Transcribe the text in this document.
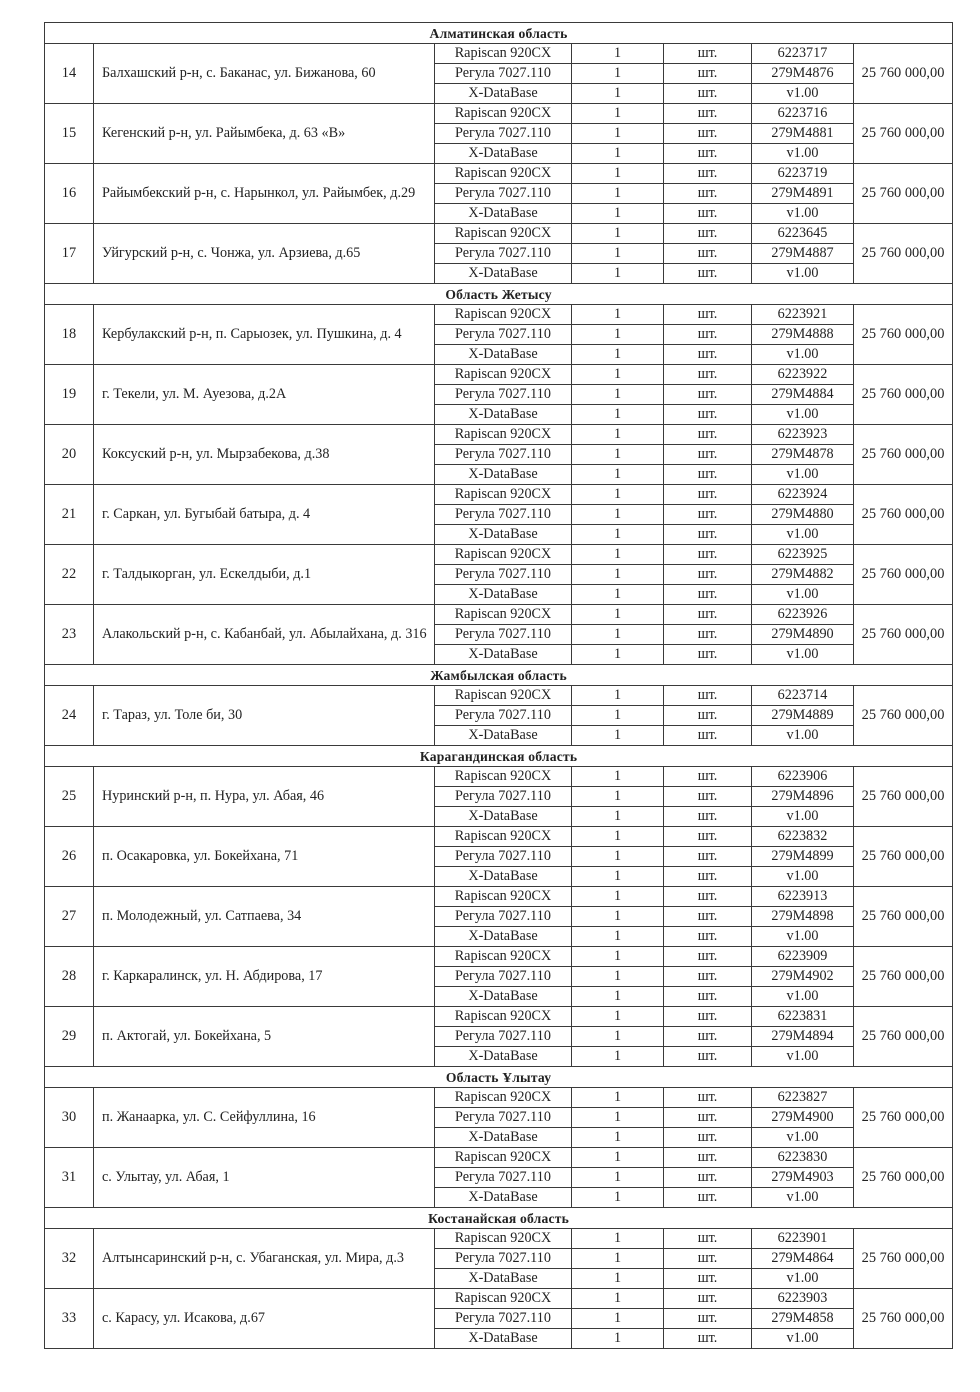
Алматинская область						
14	Балхашский р-н, с. Баканас, ул. Бижанова, 60	Rapiscan 920CX	1	шт.	6223717	25 760 000,00
		Регула 7027.110	1	шт.	279M4876	
		X-DataBase	1	шт.	v1.00	
15	Кегенский р-н, ул. Райымбека, д. 63 «В»	Rapiscan 920CX	1	шт.	6223716	25 760 000,00
		Регула 7027.110	1	шт.	279M4881	
		X-DataBase	1	шт.	v1.00	
16	Райымбекский р-н, с. Нарынкол, ул. Райымбек, д.29	Rapiscan 920CX	1	шт.	6223719	25 760 000,00
		Регула 7027.110	1	шт.	279M4891	
		X-DataBase	1	шт.	v1.00	
17	Уйгурский р-н, с. Чонжа, ул. Арзиева, д.65	Rapiscan 920CX	1	шт.	6223645	25 760 000,00
		Регула 7027.110	1	шт.	279M4887	
		X-DataBase	1	шт.	v1.00	
Область Жетысу						
18	Кербулакский р-н, п. Сарыозек, ул. Пушкина, д. 4	Rapiscan 920CX	1	шт.	6223921	25 760 000,00
		Регула 7027.110	1	шт.	279M4888	
		X-DataBase	1	шт.	v1.00	
19	г. Текели, ул. М. Ауезова, д.2А	Rapiscan 920CX	1	шт.	6223922	25 760 000,00
		Регула 7027.110	1	шт.	279M4884	
		X-DataBase	1	шт.	v1.00	
20	Коксуский р-н, ул. Мырзабекова, д.38	Rapiscan 920CX	1	шт.	6223923	25 760 000,00
		Регула 7027.110	1	шт.	279M4878	
		X-DataBase	1	шт.	v1.00	
21	г. Саркан, ул. Бугыбай батыра, д. 4	Rapiscan 920CX	1	шт.	6223924	25 760 000,00
		Регула 7027.110	1	шт.	279M4880	
		X-DataBase	1	шт.	v1.00	
22	г. Талдыкорган, ул. Ескелдыби, д.1	Rapiscan 920CX	1	шт.	6223925	25 760 000,00
		Регула 7027.110	1	шт.	279M4882	
		X-DataBase	1	шт.	v1.00	
23	Алакольский р-н, с. Кабанбай, ул. Абылайхана, д. 316	Rapiscan 920CX	1	шт.	6223926	25 760 000,00
		Регула 7027.110	1	шт.	279M4890	
		X-DataBase	1	шт.	v1.00	
Жамбылская область						
24	г. Тараз, ул. Толе би, 30	Rapiscan 920CX	1	шт.	6223714	25 760 000,00
		Регула 7027.110	1	шт.	279M4889	
		X-DataBase	1	шт.	v1.00	
Карагандинская область						
25	Нуринский р-н, п. Нура, ул. Абая, 46	Rapiscan 920CX	1	шт.	6223906	25 760 000,00
		Регула 7027.110	1	шт.	279M4896	
		X-DataBase	1	шт.	v1.00	
26	п. Осакаровка, ул. Бокейхана, 71	Rapiscan 920CX	1	шт.	6223832	25 760 000,00
		Регула 7027.110	1	шт.	279M4899	
		X-DataBase	1	шт.	v1.00	
27	п. Молодежный, ул. Сатпаева, 34	Rapiscan 920CX	1	шт.	6223913	25 760 000,00
		Регула 7027.110	1	шт.	279M4898	
		X-DataBase	1	шт.	v1.00	
28	г. Каркаралинск, ул. Н. Абдирова, 17	Rapiscan 920CX	1	шт.	6223909	25 760 000,00
		Регула 7027.110	1	шт.	279M4902	
		X-DataBase	1	шт.	v1.00	
29	п. Актогай, ул. Бокейхана, 5	Rapiscan 920CX	1	шт.	6223831	25 760 000,00
		Регула 7027.110	1	шт.	279M4894	
		X-DataBase	1	шт.	v1.00	
Область Ұлытау						
30	п. Жанаарка, ул. С. Сейфуллина, 16	Rapiscan 920CX	1	шт.	6223827	25 760 000,00
		Регула 7027.110	1	шт.	279M4900	
		X-DataBase	1	шт.	v1.00	
31	с. Улытау, ул. Абая, 1	Rapiscan 920CX	1	шт.	6223830	25 760 000,00
		Регула 7027.110	1	шт.	279M4903	
		X-DataBase	1	шт.	v1.00	
Костанайская область						
32	Алтынсаринский р-н, с. Убаганская, ул. Мира, д.3	Rapiscan 920CX	1	шт.	6223901	25 760 000,00
		Регула 7027.110	1	шт.	279M4864	
		X-DataBase	1	шт.	v1.00	
33	с. Карасу, ул. Исакова, д.67	Rapiscan 920CX	1	шт.	6223903	25 760 000,00
		Регула 7027.110	1	шт.	279M4858	
		X-DataBase	1	шт.	v1.00	
